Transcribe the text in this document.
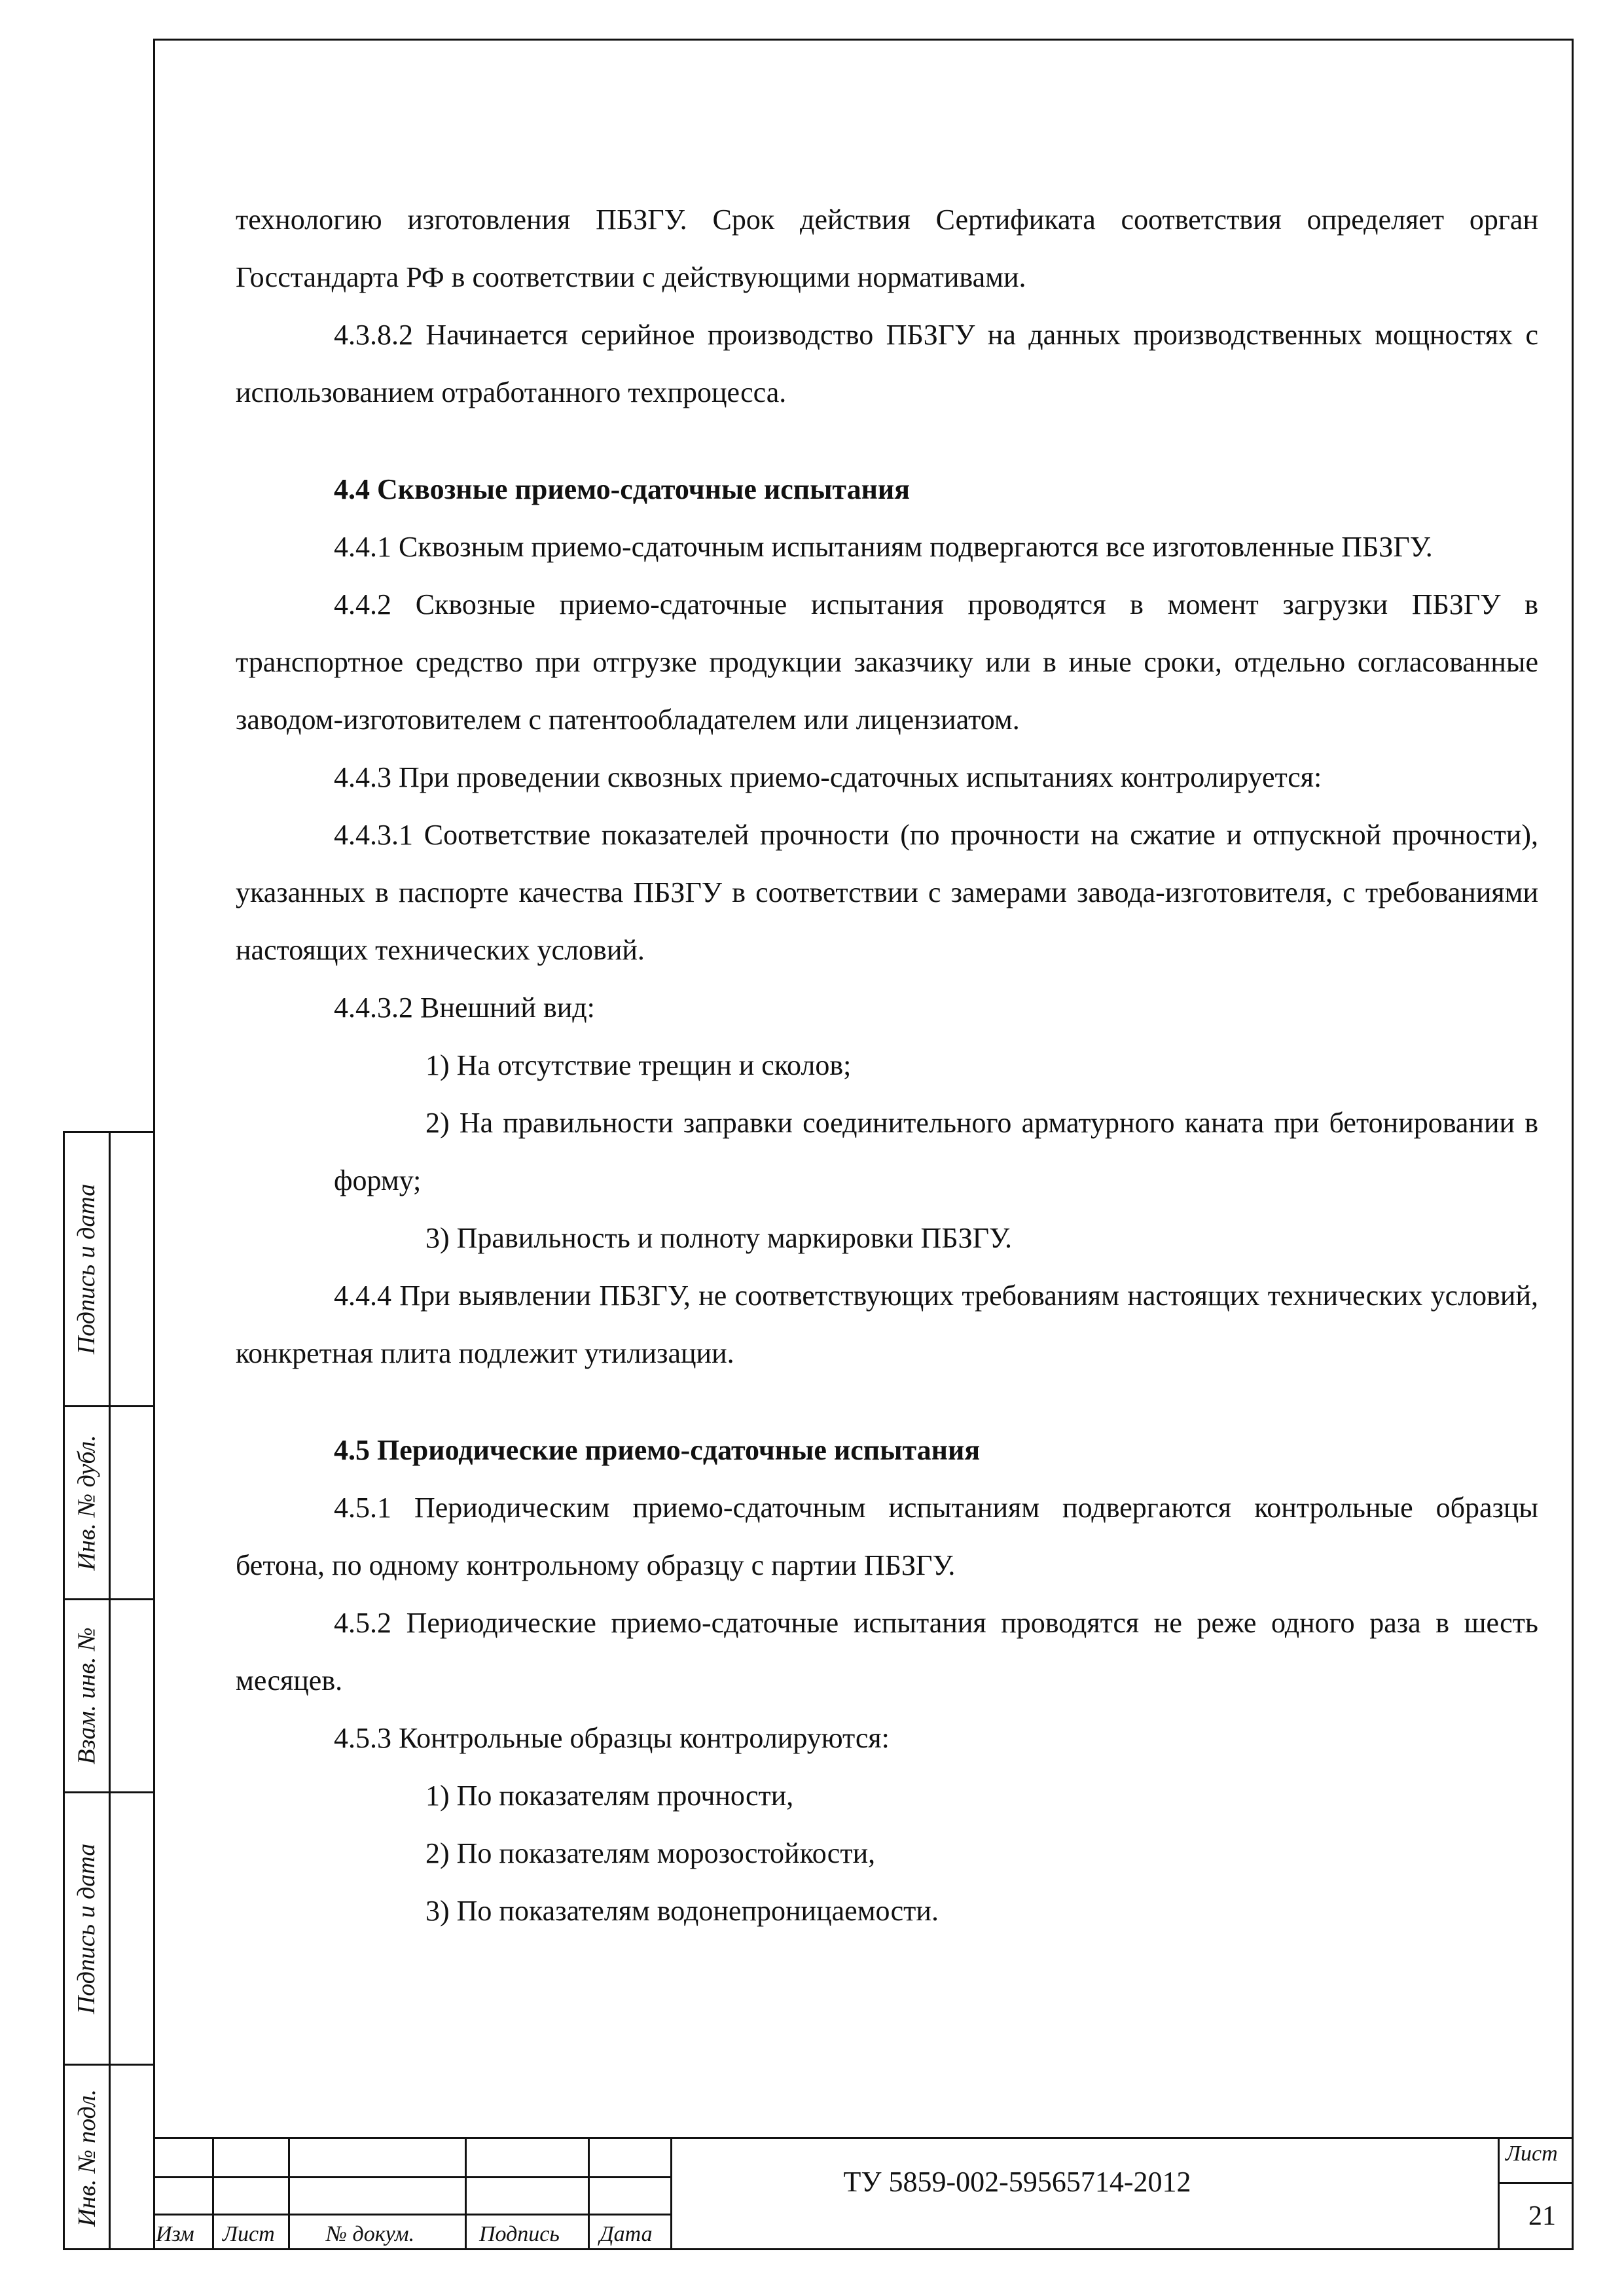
технологию изготовления ПБЗГУ. Срок действия Сертификата соответствия определяет орган Госстандарта РФ в соответствии с действующими нормативами.

4.3.8.2 Начинается серийное производство ПБЗГУ на данных производственных мощностях с использованием отработанного техпроцесса.

4.4 Сквозные приемо-сдаточные испытания

4.4.1 Сквозным приемо-сдаточным испытаниям подвергаются все изготовленные ПБЗГУ.

4.4.2 Сквозные приемо-сдаточные испытания проводятся в момент загрузки ПБЗГУ в транспортное средство при отгрузке продукции заказчику или в иные сроки, отдельно согласованные заводом-изготовителем с патентообладателем или лицензиатом.

4.4.3 При проведении сквозных приемо-сдаточных испытаниях контролируется:

4.4.3.1 Соответствие показателей прочности (по прочности на сжатие и отпускной прочности), указанных в паспорте качества ПБЗГУ в соответствии с замерами завода-изготовителя, с требованиями настоящих технических условий.

4.4.3.2 Внешний вид:

1) На отсутствие трещин и сколов;

2) На правильности заправки соединительного арматурного каната при бетонировании в форму;

3) Правильность и полноту маркировки ПБЗГУ.

4.4.4 При выявлении ПБЗГУ, не соответствующих требованиям настоящих технических условий, конкретная плита подлежит утилизации.

4.5 Периодические приемо-сдаточные испытания

4.5.1 Периодическим приемо-сдаточным испытаниям подвергаются контрольные образцы бетона, по одному контрольному образцу с партии ПБЗГУ.

4.5.2 Периодические приемо-сдаточные испытания проводятся не реже одного раза в шесть месяцев.

4.5.3 Контрольные образцы контролируются:

1) По показателям прочности,

2) По показателям морозостойкости,

3) По показателям водонепроницаемости.

Подпись и дата
Инв. № дубл.
Взам. инв. №
Подпись и дата
Инв. № подл.
Изм Лист № докум.	Подпись Дата
ТУ 5859-002-59565714-2012
Лист
21
